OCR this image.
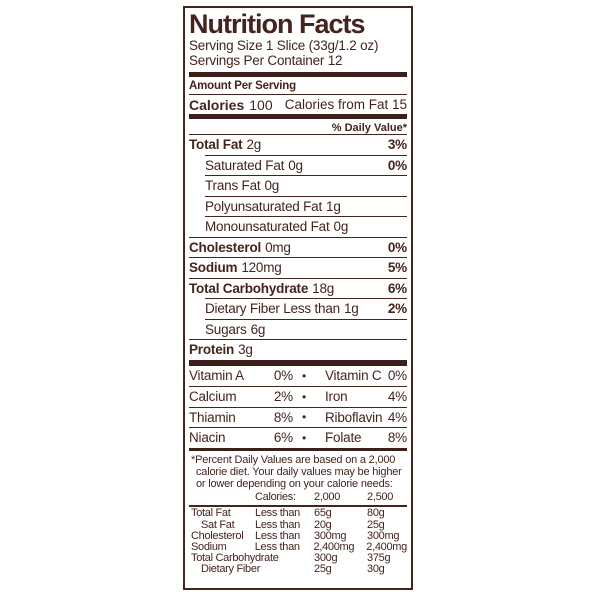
Nutrition Facts
Serving Size 1 Slice (33g/1.2 oz)
Servings Per Container 12
Amount Per Serving
Calories 100 Calories from Fat 15
% Daily Value*
Total Fat 2g	3%
Saturated Fat 0g	0%
Trans Fat 0g
Polyunsaturated Fat 1g
Monounsaturated Fat 0g
Cholesterol 0mg	0%
Sodium 120mg	5%
Total Carbohydrate 18g	6%
Dietary Fiber Less than 1g 2%
Sugars 6g
Protein 3g
Vitamin A	0% •	Vitamin C 0%
Calcium	2% •	Iron	4%
Thiamin	8% •	Riboflavin 4%
Niacin	6% •	Folate	8%
*Percent Daily Values are based on a 2,000
calorie diet. Your daily values may be higher
or lower depending on your calorie needs:
Calories:	2,000	2,500
Total Fat	Less than	65g	80g
Sat Fat	Less than	20g	25g
Cholesterol	Less than	300mg	300mg
Sodium	Less than	2,400mg	2,400mg
Total Carbohydrate	300g	375g
Dietary Fiber	25g	30g
